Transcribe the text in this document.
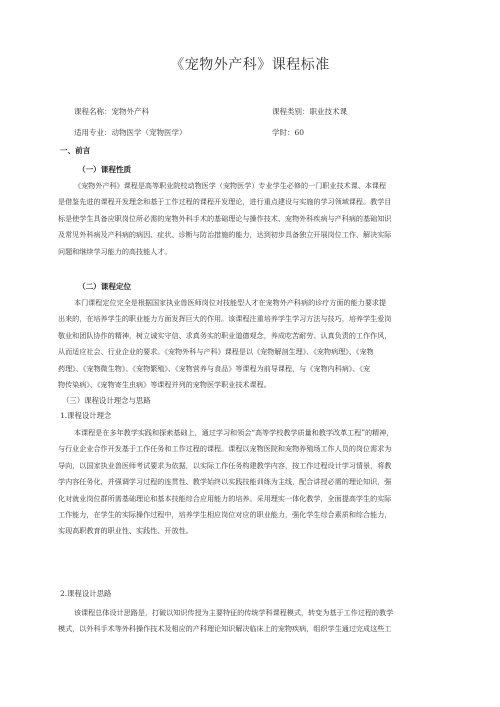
《宠物外产科》课程标准
课程名称：宠物外产科	课程类别：职业技术课
适用专业：动物医学（宠物医学）	学时：60
一、前言
（一）课程性质
《宠物外产科》课程是高等职业院校动物医学（宠物医学）专业学生必修的一门职业技术课、本课程
是借鉴先进的课程开发理念和基于工作过程的课程开发理论，进行重点建设与实施的学习领域课程。教学目
标是使学生具备应职岗位所必需的宠物外科手术的基础理论与操作技术、宠物外科疾病与产科病的基础知识
及常见外科病及产科病的病因、症状、诊断与防治措施的能力，达到初步具备独立开展岗位工作、解决实际
问题和继续学习能力的高技能人才。
（二）课程定位
本门课程定位完全是根据国家执业兽医师岗位对技能型人才在宠物外产科病的诊疗方面的能力要求提
出来的，在培养学生的职业能力方面发挥巨大的作用。该课程注重培养学生学习方法与技巧，培养学生爱岗
敬业和团队协作的精神，树立诚实守信、求真务实的职业道德观念，养成吃苦耐劳、认真负责的工作作风，
从而适应社会、行业企业的要求。《宠物外科与产科》课程是以《宠物解剖生理》、《宠物病理》、《宠物
药理》、《宠物微生物》、《宠物繁殖》、《宠物营养与食品》等课程为前导课程，与《宠物内科病》、《宠
物传染病》、《宠物寄生虫病》等课程并列的宠物医学职业技术课程。
（三）课程设计理念与思路
1.课程设计理念
本课程是在多年教学实践和探索基础上，通过学习和领会“高等学校教学质量和教学改革工程”的精神，
与行业企业合作开发基于工作任务和工作过程的课程。课程以宠物医院和宠物养殖场工作人员的岗位需求为
导向，以国家执业兽医师考试要求为依据，以实际工作任务构建教学内容，按工作过程设计学习情景，将教
学内容任务化，并强调学习过程的连贯性、教学始终以实践技能训练为主线，配合讲授必需的理论知识，强
化对就业岗位群所需基础理论和基本技能综合应用能力的培养。采用理实一体化教学，全面提高学生的实际
工作能力，在学生的实际操作过程中，培养学生相应岗位对应的职业能力，强化学生综合素质和综合能力，
实现高职教育的职业性、实践性、开放性。
2.课程设计思路
该课程总体设计思路是，打破以知识传授为主要特征的传统学科课程模式，转变为基于工作过程的教学
模式，以外科手术等外科操作技术及相应的产科理论知识解决临床上的宠物疾病，组织学生通过完成这些工
